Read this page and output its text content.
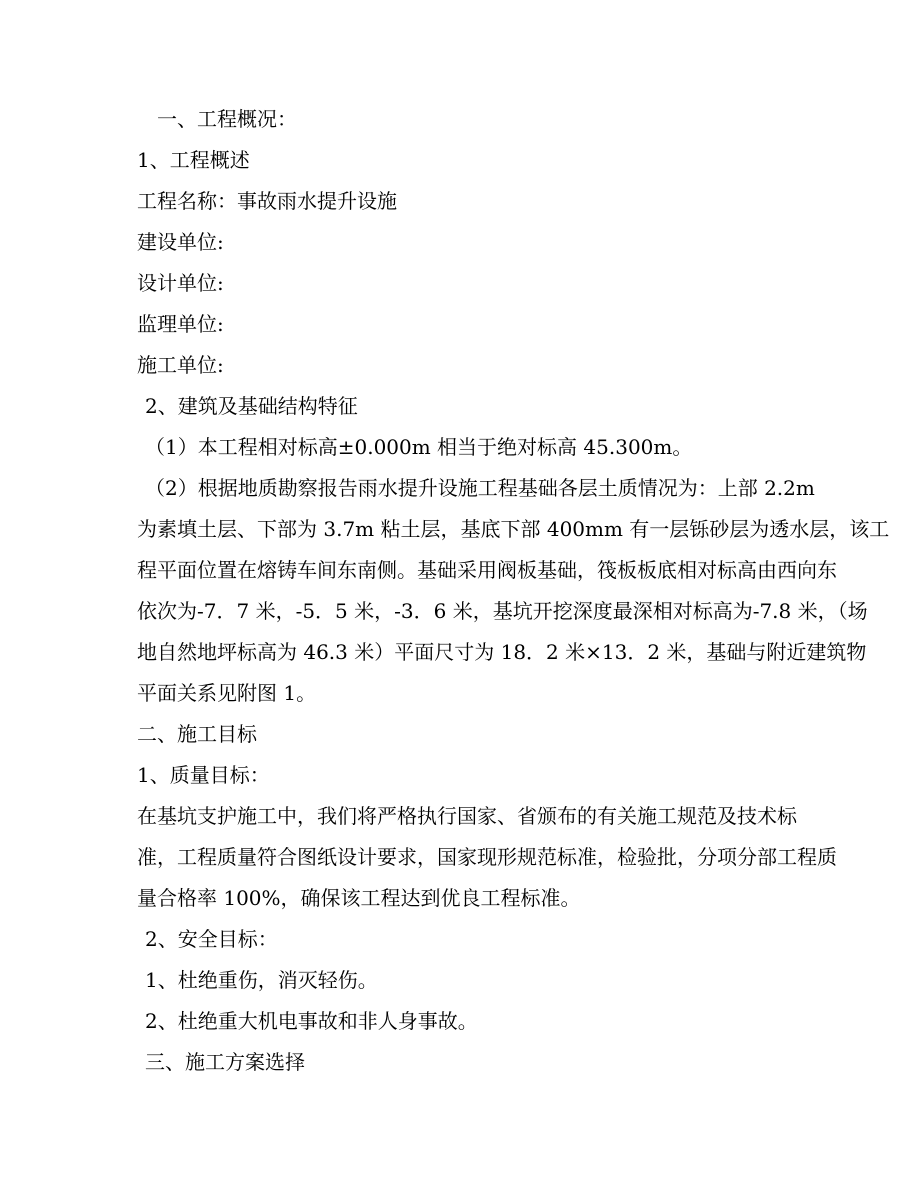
一、工程概况：
1、工程概述
工程名称：事故雨水提升设施
建设单位:
设计单位:
监理单位:
施工单位:
2、建筑及基础结构特征
（1）本工程相对标高±0.000m 相当于绝对标高 45.300m。
（2）根据地质勘察报告雨水提升设施工程基础各层土质情况为：上部 2.2m
为素填土层、下部为 3.7m 粘土层，基底下部 400mm 有一层铄砂层为透水层，该工
程平面位置在熔铸车间东南侧。基础采用阀板基础，筏板板底相对标高由西向东
依次为-7．7 米，-5．5 米，-3．6 米，基坑开挖深度最深相对标高为-7.8 米，（场
地自然地坪标高为 46.3 米）平面尺寸为 18．2 米×13．2 米，基础与附近建筑物
平面关系见附图 1。
二、施工目标
1、质量目标：
在基坑支护施工中，我们将严格执行国家、省颁布的有关施工规范及技术标
准，工程质量符合图纸设计要求，国家现形规范标准，检验批，分项分部工程质
量合格率 100%，确保该工程达到优良工程标准。
2、安全目标：
1、杜绝重伤，消灭轻伤。
2、杜绝重大机电事故和非人身事故。
三、施工方案选择
